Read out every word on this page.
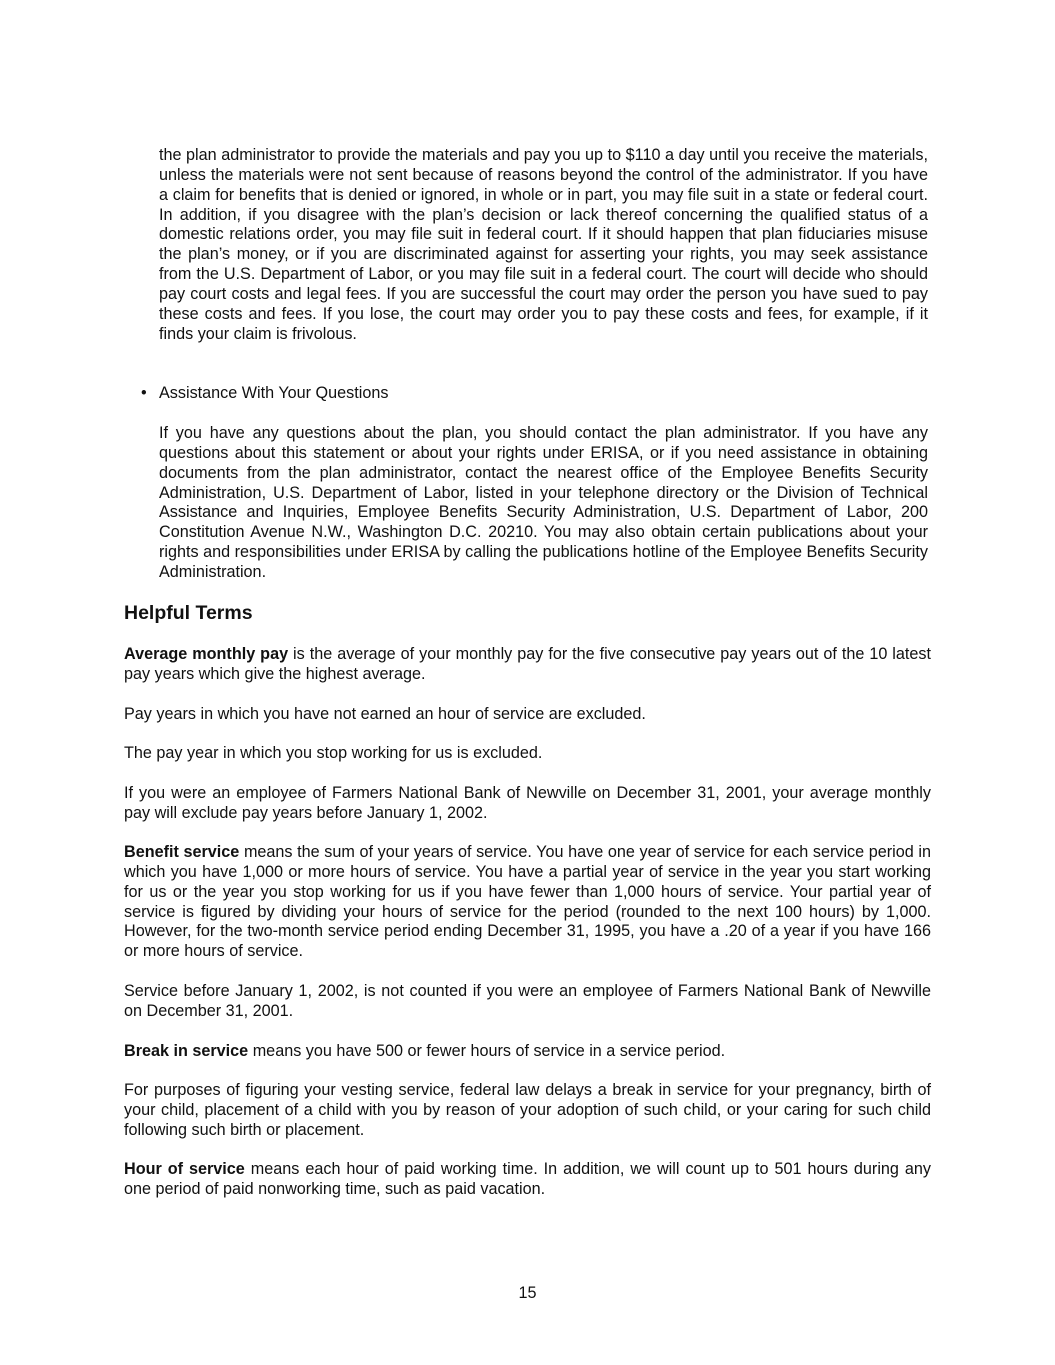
the plan administrator to provide the materials and pay you up to $110 a day until you receive the materials, unless the materials were not sent because of reasons beyond the control of the administrator. If you have a claim for benefits that is denied or ignored, in whole or in part, you may file suit in a state or federal court. In addition, if you disagree with the plan’s decision or lack thereof concerning the qualified status of a domestic relations order, you may file suit in federal court. If it should happen that plan fiduciaries misuse the plan’s money, or if you are discriminated against for asserting your rights, you may seek assistance from the U.S. Department of Labor, or you may file suit in a federal court. The court will decide who should pay court costs and legal fees. If you are successful the court may order the person you have sued to pay these costs and fees. If you lose, the court may order you to pay these costs and fees, for example, if it finds your claim is frivolous.

• Assistance With Your Questions

If you have any questions about the plan, you should contact the plan administrator. If you have any questions about this statement or about your rights under ERISA, or if you need assistance in obtaining documents from the plan administrator, contact the nearest office of the Employee Benefits Security Administration, U.S. Department of Labor, listed in your telephone directory or the Division of Technical Assistance and Inquiries, Employee Benefits Security Administration, U.S. Department of Labor, 200 Constitution Avenue N.W., Washington D.C. 20210. You may also obtain certain publications about your rights and responsibilities under ERISA by calling the publications hotline of the Employee Benefits Security Administration.

Helpful Terms

Average monthly pay is the average of your monthly pay for the five consecutive pay years out of the 10 latest pay years which give the highest average.

Pay years in which you have not earned an hour of service are excluded.

The pay year in which you stop working for us is excluded.

If you were an employee of Farmers National Bank of Newville on December 31, 2001, your average monthly pay will exclude pay years before January 1, 2002.

Benefit service means the sum of your years of service. You have one year of service for each service period in which you have 1,000 or more hours of service. You have a partial year of service in the year you start working for us or the year you stop working for us if you have fewer than 1,000 hours of service. Your partial year of service is figured by dividing your hours of service for the period (rounded to the next 100 hours) by 1,000. However, for the two-month service period ending December 31, 1995, you have a .20 of a year if you have 166 or more hours of service.

Service before January 1, 2002, is not counted if you were an employee of Farmers National Bank of Newville on December 31, 2001.

Break in service means you have 500 or fewer hours of service in a service period.

For purposes of figuring your vesting service, federal law delays a break in service for your pregnancy, birth of your child, placement of a child with you by reason of your adoption of such child, or your caring for such child following such birth or placement.

Hour of service means each hour of paid working time. In addition, we will count up to 501 hours during any one period of paid nonworking time, such as paid vacation.

15
